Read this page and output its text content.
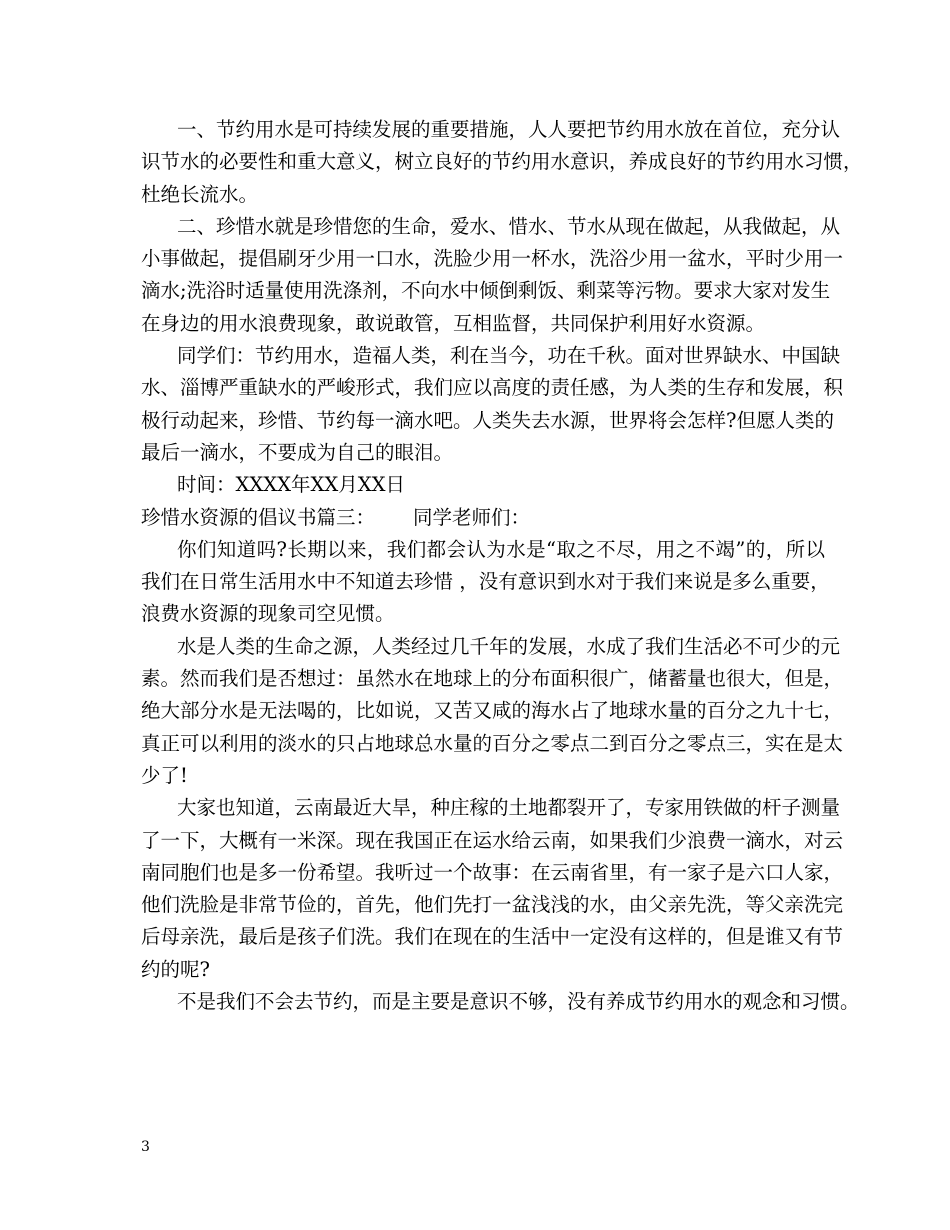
一、节约用水是可持续发展的重要措施，人人要把节约用水放在首位，充分认
识节水的必要性和重大意义，树立良好的节约用水意识，养成良好的节约用水习惯，
杜绝长流水。
二、珍惜水就是珍惜您的生命，爱水、惜水、节水从现在做起，从我做起，从
小事做起，提倡刷牙少用一口水，洗脸少用一杯水，洗浴少用一盆水，平时少用一
滴水;洗浴时适量使用洗涤剂，不向水中倾倒剩饭、剩菜等污物。要求大家对发生
在身边的用水浪费现象，敢说敢管，互相监督，共同保护利用好水资源。
同学们：节约用水，造福人类，利在当今，功在千秋。面对世界缺水、中国缺
水、淄博严重缺水的严峻形式，我们应以高度的责任感，为人类的生存和发展，积
极行动起来，珍惜、节约每一滴水吧。人类失去水源，世界将会怎样?但愿人类的
最后一滴水，不要成为自己的眼泪。
时间：XXXX年XX月XX日
珍惜水资源的倡议书篇三： 同学老师们：
你们知道吗?长期以来，我们都会认为水是“取之不尽，用之不竭”的，所以
我们在日常生活用水中不知道去珍惜 ，没有意识到水对于我们来说是多么重要，
浪费水资源的现象司空见惯。
水是人类的生命之源，人类经过几千年的发展，水成了我们生活必不可少的元
素。然而我们是否想过：虽然水在地球上的分布面积很广，储蓄量也很大，但是，
绝大部分水是无法喝的，比如说，又苦又咸的海水占了地球水量的百分之九十七，
真正可以利用的淡水的只占地球总水量的百分之零点二到百分之零点三，实在是太
少了!
大家也知道，云南最近大旱，种庄稼的土地都裂开了，专家用铁做的杆子测量
了一下，大概有一米深。现在我国正在运水给云南，如果我们少浪费一滴水，对云
南同胞们也是多一份希望。我听过一个故事：在云南省里，有一家子是六口人家，
他们洗脸是非常节俭的，首先，他们先打一盆浅浅的水，由父亲先洗，等父亲洗完
后母亲洗，最后是孩子们洗。我们在现在的生活中一定没有这样的，但是谁又有节
约的呢?
不是我们不会去节约，而是主要是意识不够，没有养成节约用水的观念和习惯。
3
